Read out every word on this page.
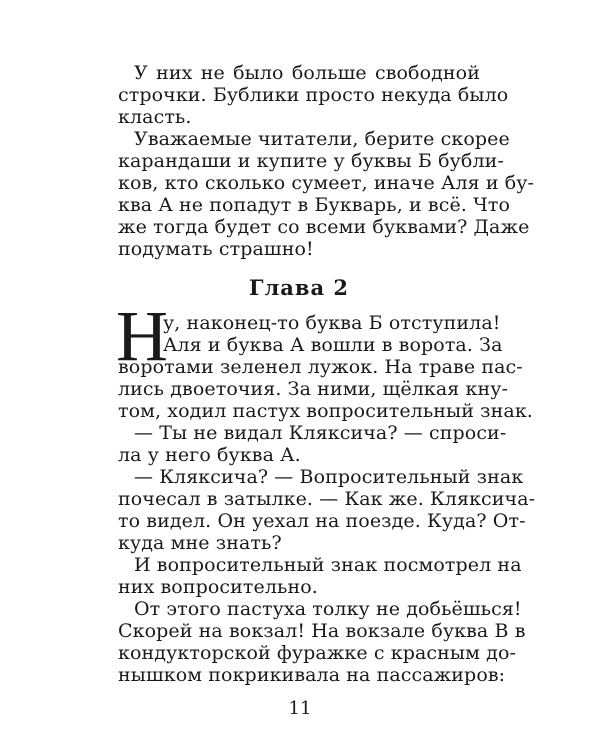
У них не было больше свободной
строчки. Бублики просто некуда было
класть.
Уважаемые читатели, берите скорее
карандаши и купите у буквы Б бубли-
ков, кто сколько сумеет, иначе Аля и бу-
ква А не попадут в Букварь, и всё. Что
же тогда будет со всеми буквами? Даже
подумать страшно!
Глава 2
Н
у, наконец-то буква Б отступила!
Аля и буква А вошли в ворота. За
воротами зеленел лужок. На траве пас-
лись двоеточия. За ними, щёлкая кну-
том, ходил пастух вопросительный знак.
— Ты не видал Кляксича? — спроси-
ла у него буква А.
— Кляксича? — Вопросительный знак
почесал в затылке. — Как же. Кляксича-
то видел. Он уехал на поезде. Куда? От-
куда мне знать?
И вопросительный знак посмотрел на
них вопросительно.
От этого пастуха толку не добьёшься!
Скорей на вокзал! На вокзале буква В в
кондукторской фуражке с красным до-
нышком покрикивала на пассажиров:
11
